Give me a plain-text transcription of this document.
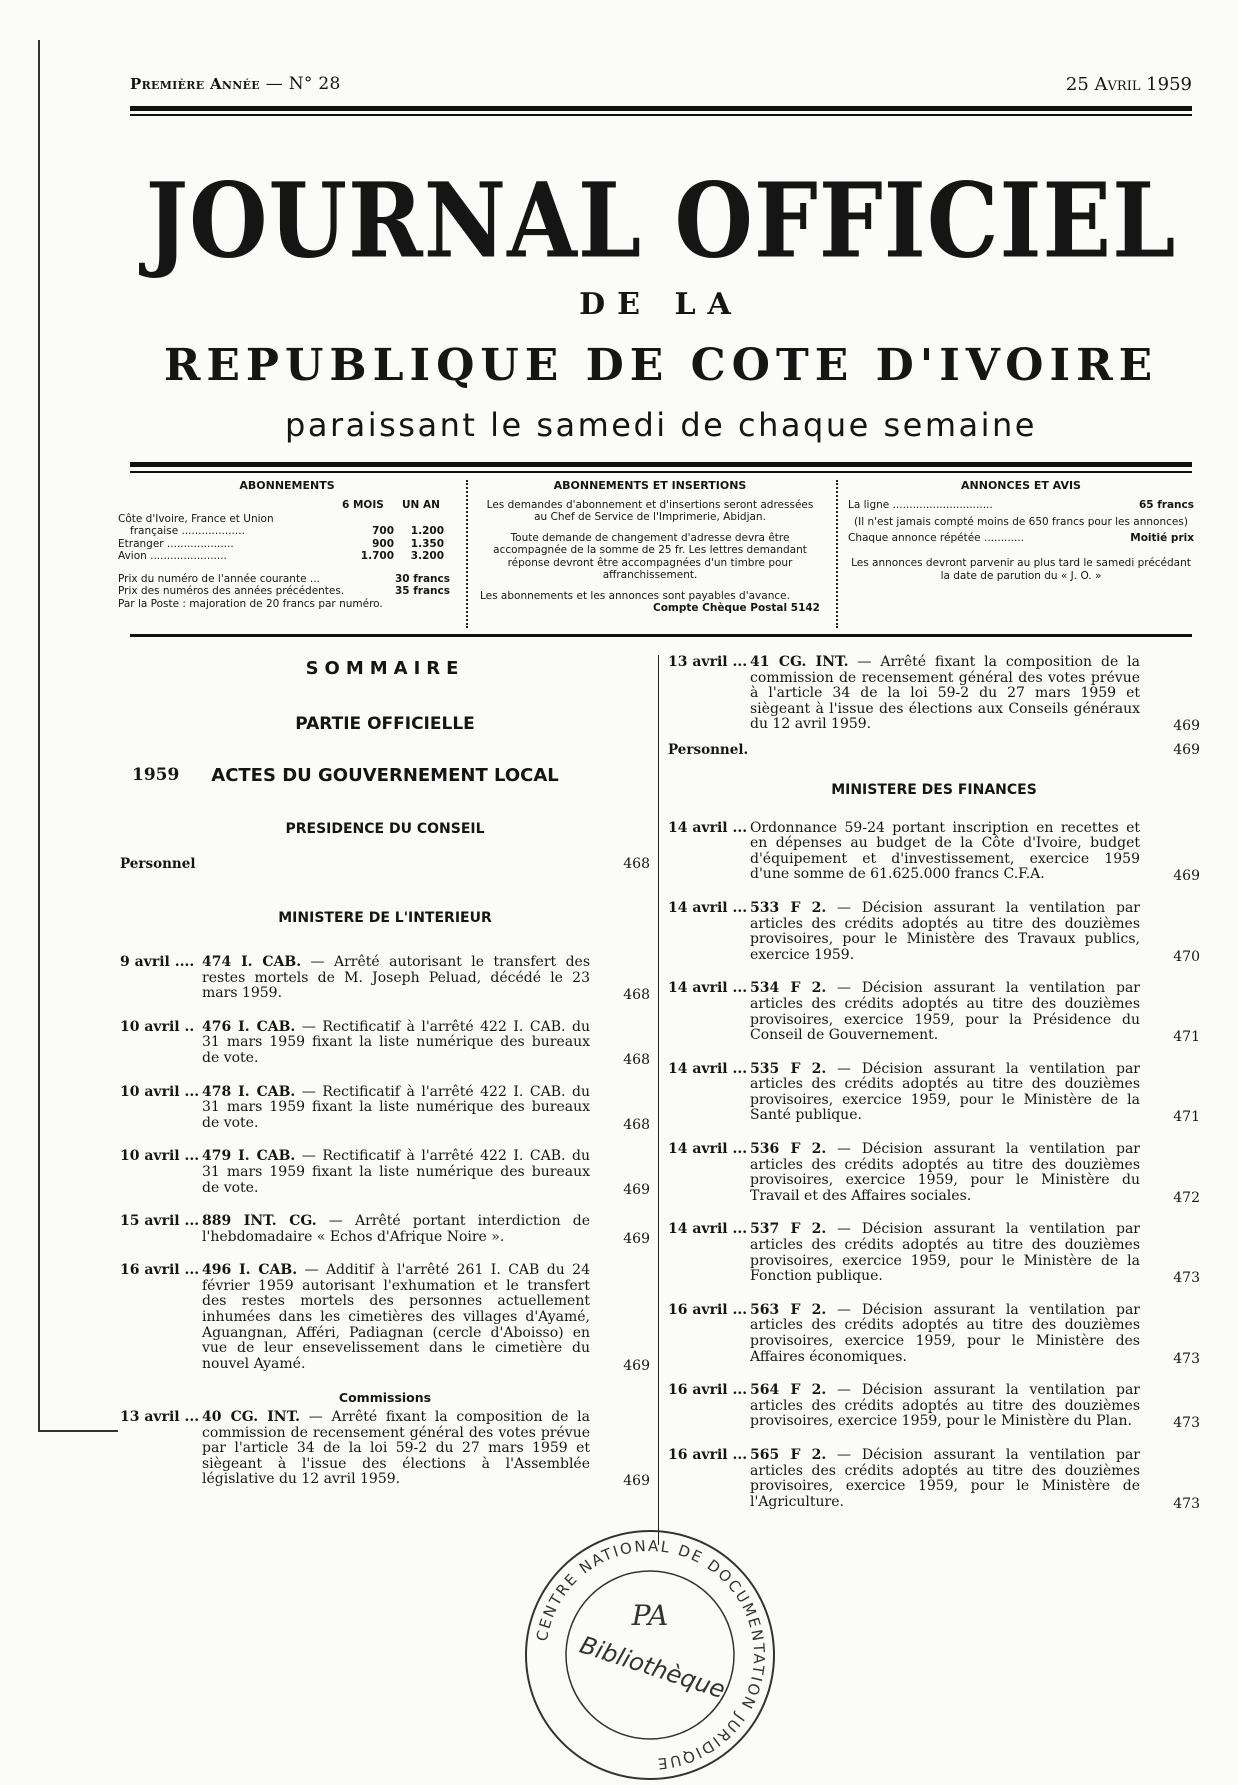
Première Année — N° 28	25 Avril 1959
JOURNAL OFFICIEL
DE LA
REPUBLIQUE DE COTE D'IVOIRE
paraissant le samedi de chaque semaine
ABONNEMENTS
6 MOIS UN AN
Côte d'Ivoire, France et Union
française ...................	700	1.200
Etranger ....................	900	1.350
Avion .......................	1.700	3.200
Prix du numéro de l'année courante ...	30 francs
Prix des numéros des années précédentes.	35 francs
Par la Poste : majoration de 20 francs par numéro.
ABONNEMENTS ET INSERTIONS

Les demandes d'abonnement et d'insertions seront adressées au Chef de Service de l'Imprimerie, Abidjan.

Toute demande de changement d'adresse devra être accompagnée de la somme de 25 fr. Les lettres demandant réponse devront être accompagnées d'un timbre pour affranchissement.

Les abonnements et les annonces sont payables d'avance.
Compte Chèque Postal 5142

ANNONCES ET AVIS
La ligne ..............................	65 francs

(Il n'est jamais compté moins de 650 francs pour les annonces)

Chaque annonce répétée ............	Moitié prix

Les annonces devront parvenir au plus tard le samedi précédant la date de parution du « J. O. »

SOMMAIRE
PARTIE OFFICIELLE
1959 ACTES DU GOUVERNEMENT LOCAL
PRESIDENCE DU CONSEIL
Personnel	468
MINISTERE DE L'INTERIEUR
9 avril .... 474 I. CAB. — Arrêté autorisant le transfert des restes mortels de M. Joseph Peluad, décédé le 23 mars 1959.	468
10 avril .. 476 I. CAB. — Rectificatif à l'arrêté 422 I. CAB. du 31 mars 1959 fixant la liste numérique des bureaux de vote.	468
10 avril ... 478 I. CAB. — Rectificatif à l'arrêté 422 I. CAB. du 31 mars 1959 fixant la liste numérique des bureaux de vote.	468
10 avril ... 479 I. CAB. — Rectificatif à l'arrêté 422 I. CAB. du 31 mars 1959 fixant la liste numérique des bureaux de vote.	469
15 avril ... 889 INT. CG. — Arrêté portant interdiction de l'hebdomadaire « Echos d'Afrique Noire ».	469
16 avril ... 496 I. CAB. — Additif à l'arrêté 261 I. CAB du 24 février 1959 autorisant l'exhumation et le transfert des restes mortels des personnes actuellement inhumées dans les cimetières des villages d'Ayamé, Aguangnan, Afféri, Padiagnan (cercle d'Aboisso) en vue de leur ensevelissement dans le cimetière du nouvel Ayamé.	469
Commissions
13 avril ... 40 CG. INT. — Arrêté fixant la composition de la commission de recensement général des votes prévue par l'article 34 de la loi 59-2 du 27 mars 1959 et siègeant à l'issue des élections à l'Assemblée législative du 12 avril 1959.	469
13 avril ... 41 CG. INT. — Arrêté fixant la composition de la commission de recensement général des votes prévue à l'article 34 de la loi 59-2 du 27 mars 1959 et siègeant à l'issue des élections aux Conseils généraux du 12 avril 1959.	469
Personnel.	469
MINISTERE DES FINANCES
14 avril ... Ordonnance 59-24 portant inscription en recettes et en dépenses au budget de la Côte d'Ivoire, budget d'équipement et d'investissement, exercice 1959 d'une somme de 61.625.000 francs C.F.A.	469
14 avril ... 533 F 2. — Décision assurant la ventilation par articles des crédits adoptés au titre des douzièmes provisoires, pour le Ministère des Travaux publics, exercice 1959.	470
14 avril ... 534 F 2. — Décision assurant la ventilation par articles des crédits adoptés au titre des douzièmes provisoires, exercice 1959, pour la Présidence du Conseil de Gouvernement.	471
14 avril ... 535 F 2. — Décision assurant la ventilation par articles des crédits adoptés au titre des douzièmes provisoires, exercice 1959, pour le Ministère de la Santé publique.	471
14 avril ... 536 F 2. — Décision assurant la ventilation par articles des crédits adoptés au titre des douzièmes provisoires, exercice 1959, pour le Ministère du Travail et des Affaires sociales.	472
14 avril ... 537 F 2. — Décision assurant la ventilation par articles des crédits adoptés au titre des douzièmes provisoires, exercice 1959, pour le Ministère de la Fonction publique.	473
16 avril ... 563 F 2. — Décision assurant la ventilation par articles des crédits adoptés au titre des douzièmes provisoires, exercice 1959, pour le Ministère des Affaires économiques.	473
16 avril ... 564 F 2. — Décision assurant la ventilation par articles des crédits adoptés au titre des douzièmes provisoires, exercice 1959, pour le Ministère du Plan.	473
16 avril ... 565 F 2. — Décision assurant la ventilation par articles des crédits adoptés au titre des douzièmes provisoires, exercice 1959, pour le Ministère de l'Agriculture.	473
CENTRE NATIONAL DE DOCUMENTATION JURIDIQUE
PA
Bibliothèque
